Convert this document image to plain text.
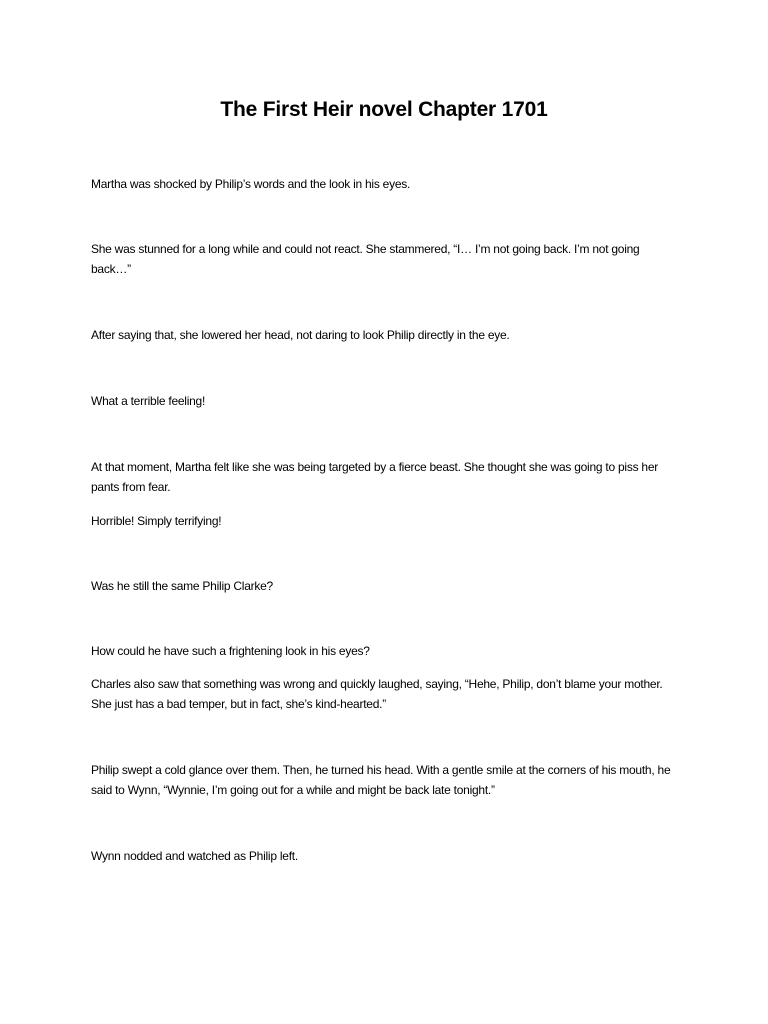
The First Heir novel Chapter 1701

Martha was shocked by Philip’s words and the look in his eyes.

She was stunned for a long while and could not react. She stammered, “I… I’m not going back. I’m not going back…”

After saying that, she lowered her head, not daring to look Philip directly in the eye.

What a terrible feeling!

At that moment, Martha felt like she was being targeted by a fierce beast. She thought she was going to piss her pants from fear.

Horrible! Simply terrifying!

Was he still the same Philip Clarke?

How could he have such a frightening look in his eyes?

Charles also saw that something was wrong and quickly laughed, saying, “Hehe, Philip, don’t blame your mother. She just has a bad temper, but in fact, she’s kind-hearted.”

Philip swept a cold glance over them. Then, he turned his head. With a gentle smile at the corners of his mouth, he said to Wynn, “Wynnie, I’m going out for a while and might be back late tonight.”

Wynn nodded and watched as Philip left.
